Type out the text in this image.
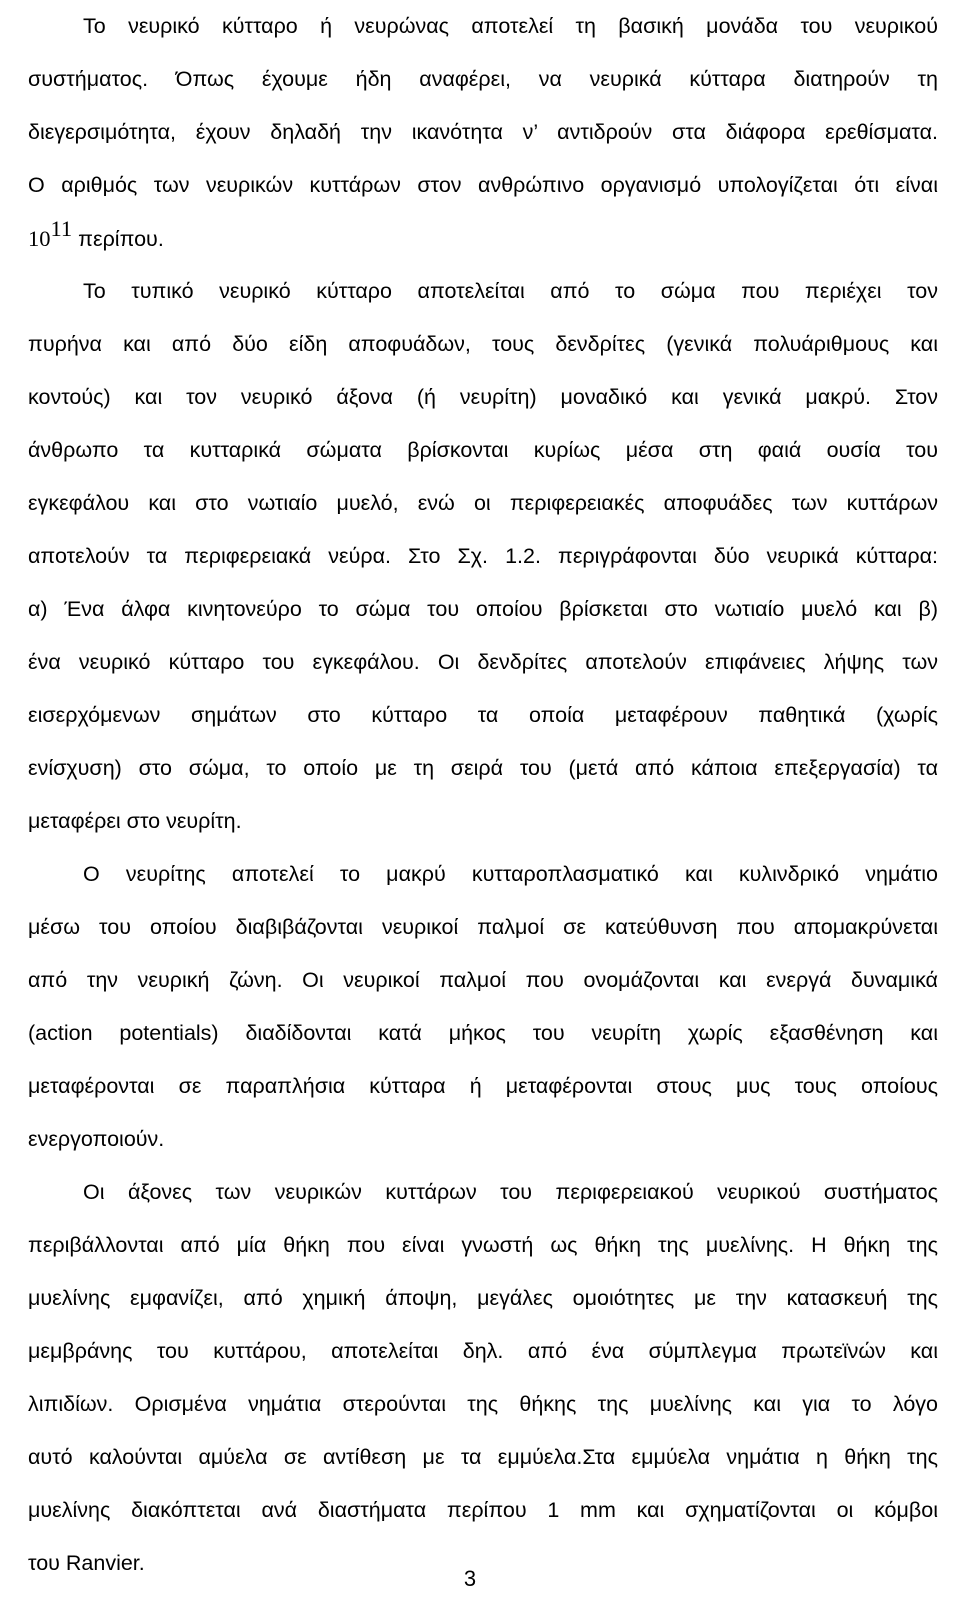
Το νευρικό κύτταρο ή νευρώνας αποτελεί τη βασική μονάδα του νευρικού

συστήματος. Όπως έχουμε ήδη αναφέρει, να νευρικά κύτταρα διατηρούν τη

διεγερσιμότητα, έχουν δηλαδή την ικανότητα ν’ αντιδρούν στα διάφορα ερεθίσματα.

Ο αριθμός των νευρικών κυττάρων στον ανθρώπινο οργανισμό υπολογίζεται ότι είναι

$10^{11}$ περίπου.

Το τυπικό νευρικό κύτταρο αποτελείται από το σώμα που περιέχει τον

πυρήνα και από δύο είδη αποφυάδων, τους δενδρίτες (γενικά πολυάριθμους και

κοντούς) και τον νευρικό άξονα (ή νευρίτη) μοναδικό και γενικά μακρύ. Στον

άνθρωπο τα κυτταρικά σώματα βρίσκονται κυρίως μέσα στη φαιά ουσία του

εγκεφάλου και στο νωτιαίο μυελό, ενώ οι περιφερειακές αποφυάδες των κυττάρων

αποτελούν τα περιφερειακά νεύρα. Στο Σχ. 1.2. περιγράφονται δύο νευρικά κύτταρα:

α) Ένα άλφα κινητονεύρο το σώμα του οποίου βρίσκεται στο νωτιαίο μυελό και β)

ένα νευρικό κύτταρο του εγκεφάλου. Οι δενδρίτες αποτελούν επιφάνειες λήψης των

εισερχόμενων σημάτων στο κύτταρο τα οποία μεταφέρουν παθητικά (χωρίς

ενίσχυση) στο σώμα, το οποίο με τη σειρά του (μετά από κάποια επεξεργασία) τα

μεταφέρει στο νευρίτη.

Ο νευρίτης αποτελεί το μακρύ κυτταροπλασματικό και κυλινδρικό νημάτιο

μέσω του οποίου διαβιβάζονται νευρικοί παλμοί σε κατεύθυνση που απομακρύνεται

από την νευρική ζώνη. Οι νευρικοί παλμοί που ονομάζονται και ενεργά δυναμικά

(action potentials) διαδίδονται κατά μήκος του νευρίτη χωρίς εξασθένηση και

μεταφέρονται σε παραπλήσια κύτταρα ή μεταφέρονται στους μυς τους οποίους

ενεργοποιούν.

Οι άξονες των νευρικών κυττάρων του περιφερειακού νευρικού συστήματος

περιβάλλονται από μία θήκη που είναι γνωστή ως θήκη της μυελίνης. Η θήκη της

μυελίνης εμφανίζει, από χημική άποψη, μεγάλες ομοιότητες με την κατασκευή της

μεμβράνης του κυττάρου, αποτελείται δηλ. από ένα σύμπλεγμα πρωτεϊνών και

λιπιδίων. Ορισμένα νημάτια στερούνται της θήκης της μυελίνης και για το λόγο

αυτό καλούνται αμύελα σε αντίθεση με τα εμμύελα.Στα εμμύελα νημάτια η θήκη της

μυελίνης διακόπτεται ανά διαστήματα περίπου 1 mm και σχηματίζονται οι κόμβοι

του Ranvier.

3
